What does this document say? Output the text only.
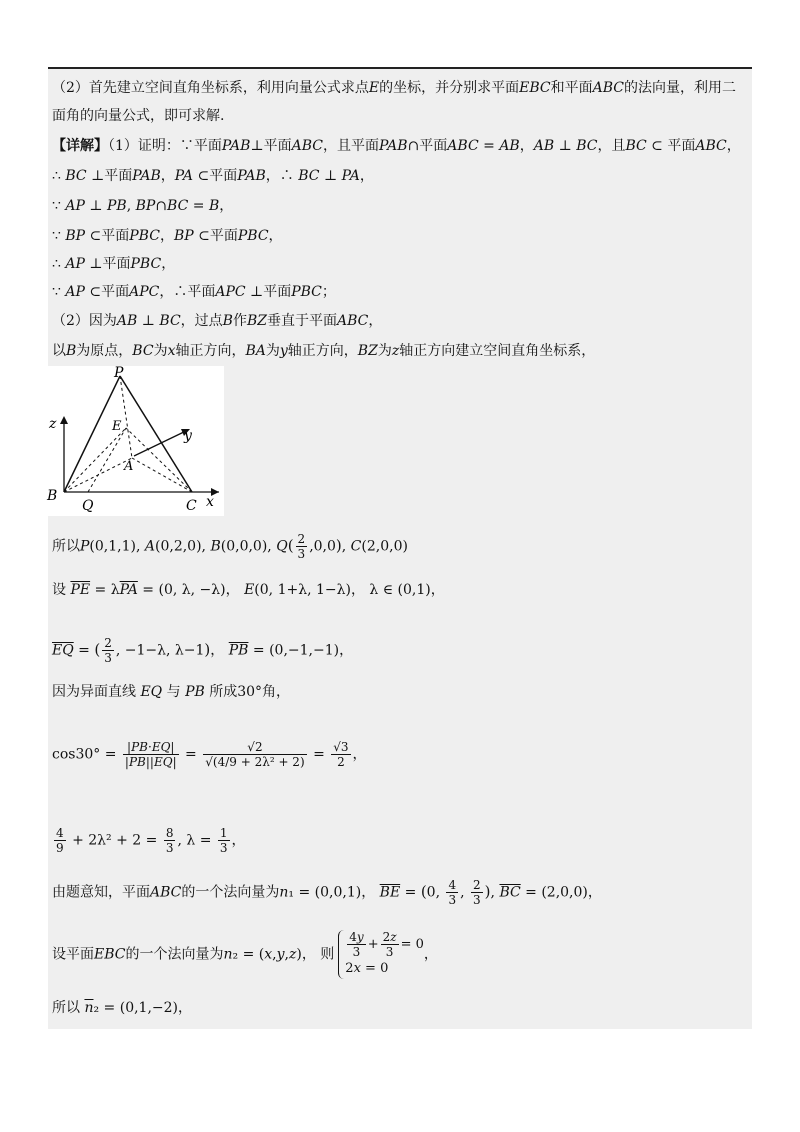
（2）首先建立空间直角坐标系，利用向量公式求点E的坐标，并分别求平面EBC和平面ABC的法向量，利用二
面角的向量公式，即可求解.
【详解】（1）证明：∵平面PAB⊥平面ABC，且平面PAB∩平面ABC = AB，AB ⊥ BC，且BC ⊂ 平面ABC，
∴ BC ⊥平面PAB，PA ⊂平面PAB，∴ BC ⊥ PA，
∵ AP ⊥ PB, BP∩BC = B，
∵ BP ⊂平面PBC，BP ⊂平面PBC，
∴ AP ⊥平面PBC，
∵ AP ⊂平面APC，∴平面APC ⊥平面PBC；
（2）因为AB ⊥ BC，过点B作BZ垂直于平面ABC，
以B为原点，BC为x轴正方向，BA为y轴正方向，BZ为z轴正方向建立空间直角坐标系，
P
E
A
B
Q	C x
y
z
所以P(0,1,1), A(0,2,0), B(0,0,0), $Q( \frac{2}{3} ,0,0)$, C(2,0,0)
设 $\overline{PE} = \lambda\overline{PA} = (0$, λ, −λ)， E(0, 1+λ, 1−λ)， λ ∈ (0,1)，
$\overline{EQ}$ = ( $\frac{2}{3}$ , −1−λ, λ−1)， $\overline{PB} = (0,-1,-1)$，
因为异面直线 EQ 与 PB 所成30°角，
$\cos 30^\circ = \frac{|PB\cdot EQ|}{|PB||EQ|} = \frac{√2}{\text{√(4/9 + 2λ² + 2)}} = \frac{√3}{2}$ ，
$\frac{4}{9} + 2\lambda^2 + 2 = \frac{8}{3}$ , $\lambda = \frac{1}{3}$ ，
由题意知，平面ABC的一个法向量为n₁ = (0,0,1)， $\overline{BE} = (0$, $\frac{4}{3}$ , $\frac{2}{3}$ ), $\overline{BC} = (2,0,0)$，
设平面EBC的一个法向量为n₂ = (x,y,z)， 则 $\frac{4y}{3} + \frac{2z}{3} = 0$
2x = 0，
所以 $\overline{n}_2 = (0,1,-2)$，
